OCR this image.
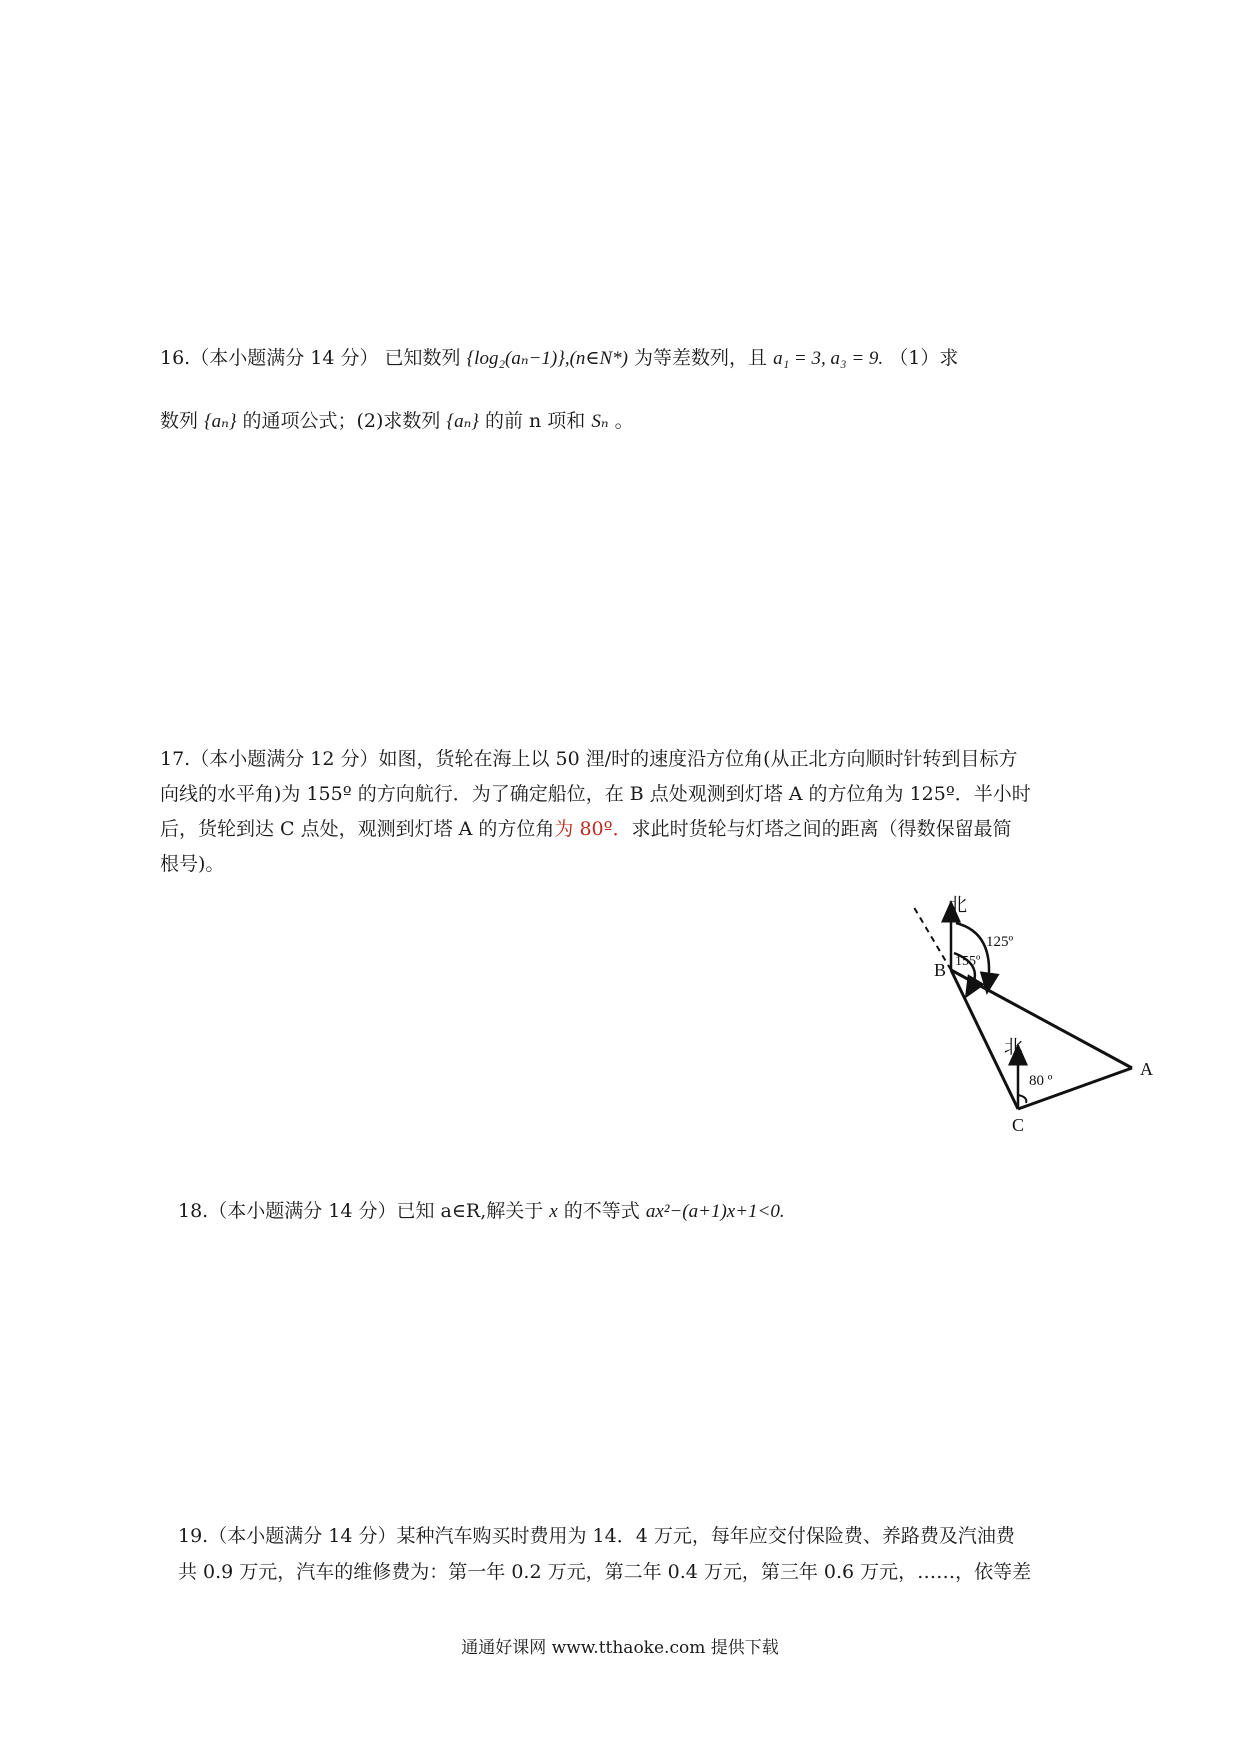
16.（本小题满分 14 分） 已知数列 {log₂(aₙ−1)},(n∈N*) 为等差数列，且 a₁ = 3, a₃ = 9. （1）求
数列 {aₙ} 的通项公式；(2)求数列 {aₙ} 的前 n 项和 Sₙ 。
17.（本小题满分 12 分）如图，货轮在海上以 50 浬/时的速度沿方位角(从正北方向顺时针转到目标方
向线的水平角)为 155º 的方向航行．为了确定船位，在 B 点处观测到灯塔 A 的方位角为 125º．半小时
后，货轮到达 C 点处，观测到灯塔 A 的方位角为 80º．求此时货轮与灯塔之间的距离（得数保留最简
根号)。
北
125º
155º
B
北
80 º
A
C
18.（本小题满分 14 分）已知 a∈R,解关于 x 的不等式 ax²−(a+1)x+1<0.
19.（本小题满分 14 分）某种汽车购买时费用为 14．4 万元，每年应交付保险费、养路费及汽油费
共 0.9 万元，汽车的维修费为：第一年 0.2 万元，第二年 0.4 万元，第三年 0.6 万元，……，依等差
通通好课网 www.tthaoke.com 提供下载
